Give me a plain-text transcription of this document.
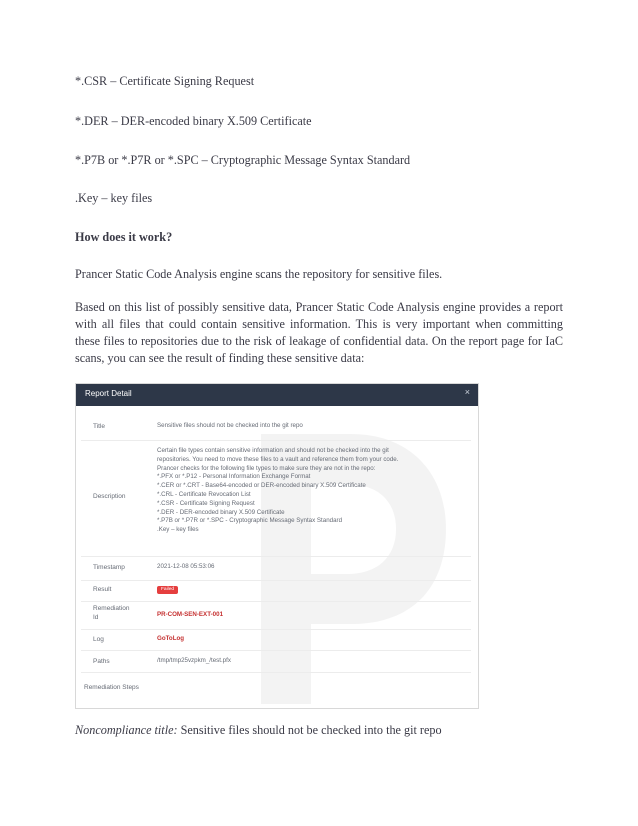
*.CSR – Certificate Signing Request

*.DER – DER-encoded binary X.509 Certificate

*.P7B or *.P7R or *.SPC – Cryptographic Message Syntax Standard

.Key – key files

How does it work?

Prancer Static Code Analysis engine scans the repository for sensitive files.

Based on this list of possibly sensitive data, Prancer Static Code Analysis engine provides a report with all files that could contain sensitive information. This is very important when committing these files to repositories due to the risk of leakage of confidential data. On the report page for IaC scans, you can see the result of finding these sensitive data:

Report Detail	×
Title	Sensitive files should not be checked into the git repo
Description
Certain file types contain sensitive information and should not be checked into the git
repositories. You need to move these files to a vault and reference them from your code.
Prancer checks for the following file types to make sure they are not in the repo:
*.PFX or *.P12 - Personal Information Exchange Format
*.CER or *.CRT - Base64-encoded or DER-encoded binary X.509 Certificate
*.CRL - Certificate Revocation List
*.CSR - Certificate Signing Request
*.DER - DER-encoded binary X.509 Certificate
*.P7B or *.P7R or *.SPC - Cryptographic Message Syntax Standard
.Key – key files
Timestamp	2021-12-08 05:53:06
Result	Failed
Remediation
Id	PR-COM-SEN-EXT-001
Log	GoToLog
Paths	/tmp/tmp25vzpkm_/test.pfx
Remediation Steps

Noncompliance title: Sensitive files should not be checked into the git repo
